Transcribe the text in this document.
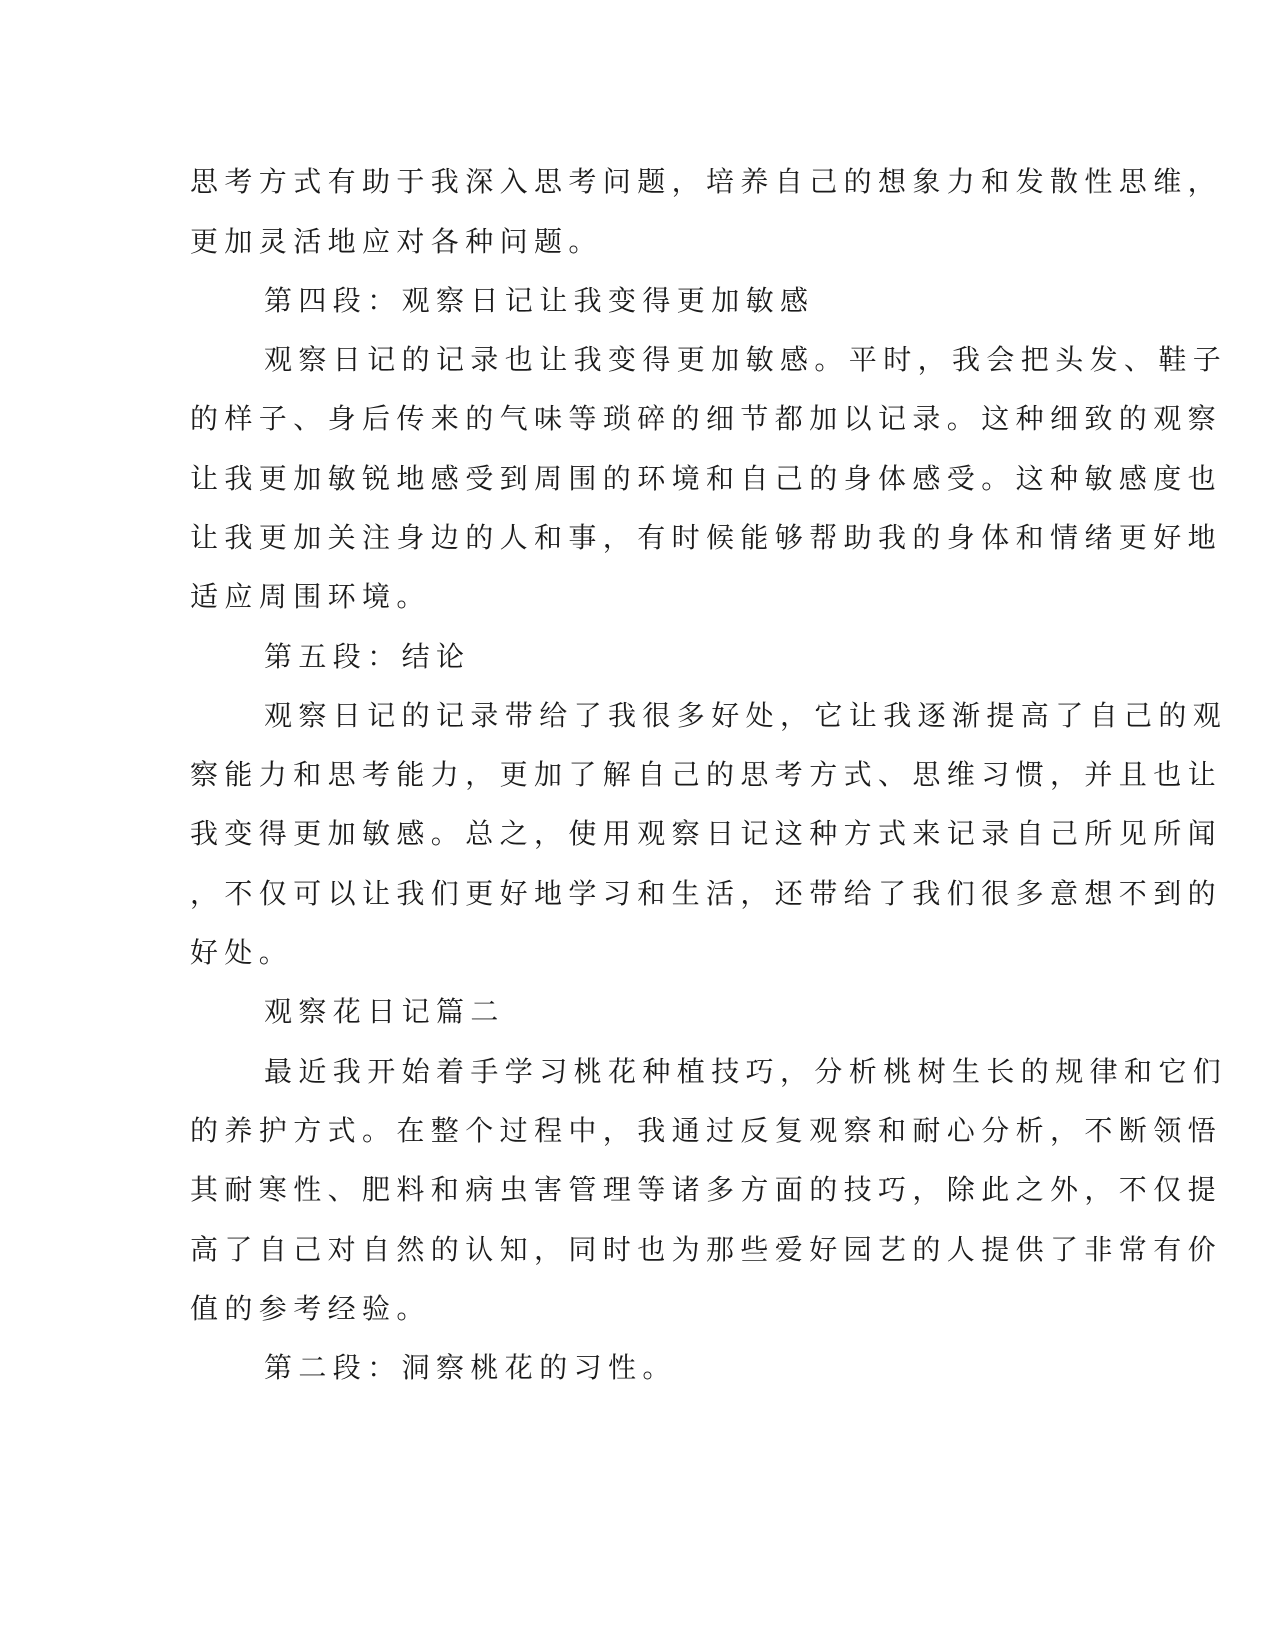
思考方式有助于我深入思考问题，培养自己的想象力和发散性思维，
更加灵活地应对各种问题。
第四段：观察日记让我变得更加敏感
观察日记的记录也让我变得更加敏感。平时，我会把头发、鞋子
的样子、身后传来的气味等琐碎的细节都加以记录。这种细致的观察
让我更加敏锐地感受到周围的环境和自己的身体感受。这种敏感度也
让我更加关注身边的人和事，有时候能够帮助我的身体和情绪更好地
适应周围环境。
第五段：结论
观察日记的记录带给了我很多好处，它让我逐渐提高了自己的观
察能力和思考能力，更加了解自己的思考方式、思维习惯，并且也让
我变得更加敏感。总之，使用观察日记这种方式来记录自己所见所闻
，不仅可以让我们更好地学习和生活，还带给了我们很多意想不到的
好处。
观察花日记篇二
最近我开始着手学习桃花种植技巧，分析桃树生长的规律和它们
的养护方式。在整个过程中，我通过反复观察和耐心分析，不断领悟
其耐寒性、肥料和病虫害管理等诸多方面的技巧，除此之外，不仅提
高了自己对自然的认知，同时也为那些爱好园艺的人提供了非常有价
值的参考经验。
第二段：洞察桃花的习性。
